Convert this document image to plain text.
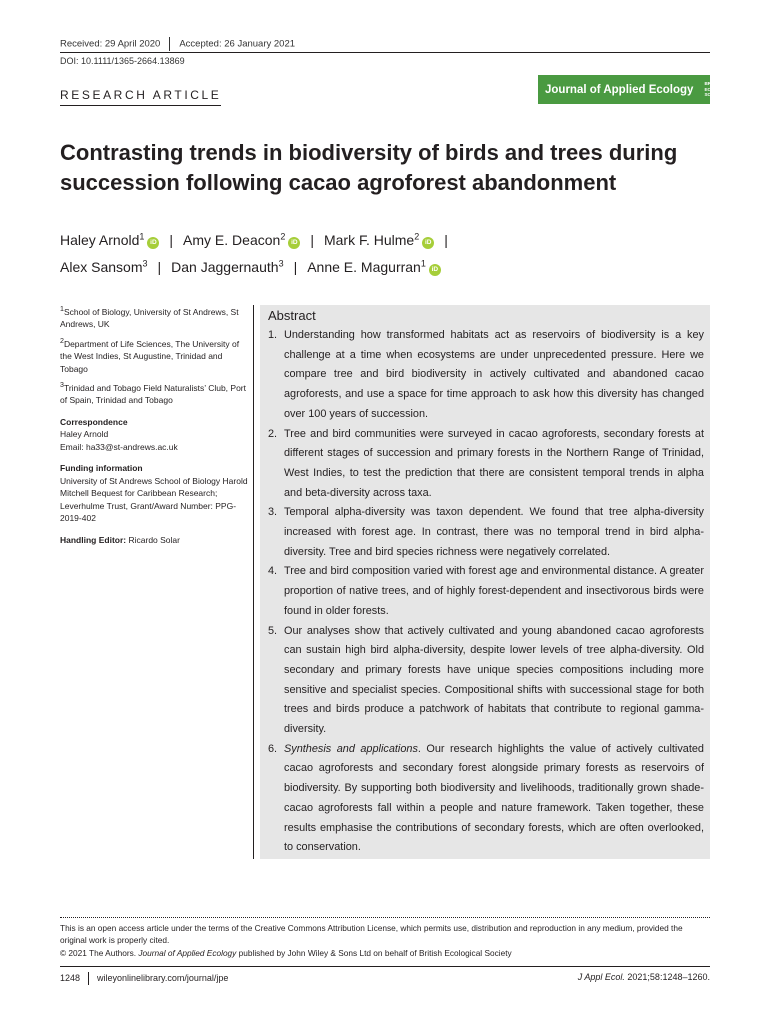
Received: 29 April 2020 Accepted: 26 January 2021
DOI: 10.1111/1365-2664.13869
RESEARCH ARTICLE	Journal of Applied Ecology BRITISH
ECOLOGICAL
SOCIETY
Contrasting trends in biodiversity of birds and trees during succession following cacao agroforest abandonment
Haley Arnold$^1$iD | Amy E. Deacon$^2$iD | Mark F. Hulme$^2$iD |
Alex Sansom$^3$ | Dan Jaggernauth$^3$ | Anne E. Magurran$^1$iD

$^1$School of Biology, University of St Andrews, St Andrews, UK

$^2$Department of Life Sciences, The University of the West Indies, St Augustine, Trinidad and Tobago

$^3$Trinidad and Tobago Field Naturalists’ Club, Port of Spain, Trinidad and Tobago

Correspondence

Haley Arnold

Email: ha33@st-andrews.ac.uk

Funding information

University of St Andrews School of Biology Harold Mitchell Bequest for Caribbean Research; Leverhulme Trust, Grant/Award Number: PPG-2019-402

Handling Editor: Ricardo Solar

Abstract
1. Understanding how transformed habitats act as reservoirs of biodiversity is a key challenge at a time when ecosystems are under unprecedented pressure. Here we compare tree and bird biodiversity in actively cultivated and abandoned cacao agroforests, and use a space for time approach to ask how this diversity has changed over 100 years of succession.
2. Tree and bird communities were surveyed in cacao agroforests, secondary forests at different stages of succession and primary forests in the Northern Range of Trinidad, West Indies, to test the prediction that there are consistent temporal trends in alpha and beta-diversity across taxa.
3. Temporal alpha-diversity was taxon dependent. We found that tree alpha-diversity increased with forest age. In contrast, there was no temporal trend in bird alpha-diversity. Tree and bird species richness were negatively correlated.
4. Tree and bird composition varied with forest age and environmental distance. A greater proportion of native trees, and of highly forest-dependent and insectivorous birds were found in older forests.
5. Our analyses show that actively cultivated and young abandoned cacao agroforests can sustain high bird alpha-diversity, despite lower levels of tree alpha-diversity. Old secondary and primary forests have unique species compositions including more sensitive and specialist species. Compositional shifts with successional stage for both trees and birds produce a patchwork of habitats that contribute to regional gamma-diversity.
6. Synthesis and applications. Our research highlights the value of actively cultivated cacao agroforests and secondary forest alongside primary forests as reservoirs of biodiversity. By supporting both biodiversity and livelihoods, traditionally grown shade-cacao agroforests fall within a people and nature framework. Taken together, these results emphasise the contributions of secondary forests, which are often overlooked, to conservation.
This is an open access article under the terms of the Creative Commons Attribution License, which permits use, distribution and reproduction in any medium, provided the original work is properly cited.
© 2021 The Authors. Journal of Applied Ecology published by John Wiley & Sons Ltd on behalf of British Ecological Society
1248 wileyonlinelibrary.com/journal/jpe	J Appl Ecol. 2021;58:1248–1260.
